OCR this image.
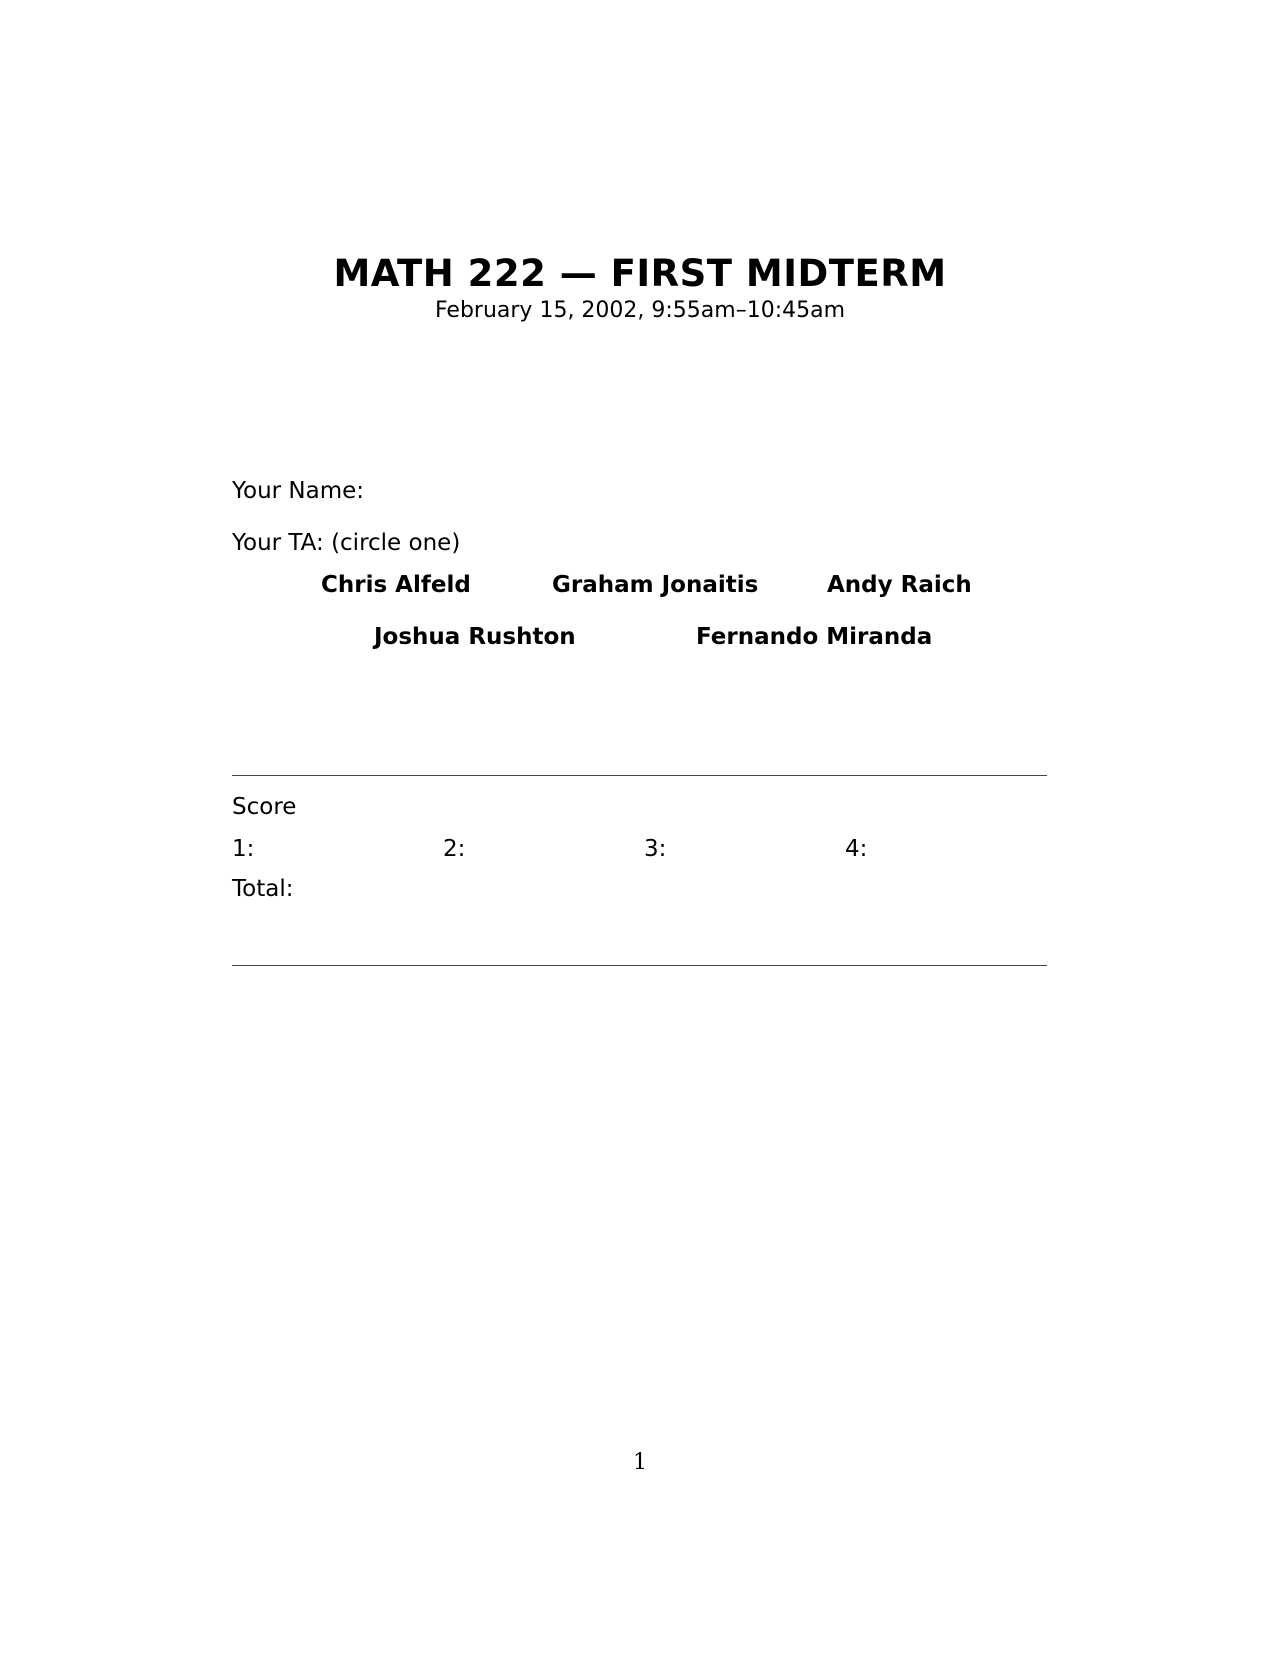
MATH 222 — FIRST MIDTERM
February 15, 2002, 9:55am–10:45am
Your Name:
Your TA: (circle one)
Chris Alfeld	Graham Jonaitis	Andy Raich
Joshua Rushton	Fernando Miranda
Score
1:	2:	3:	4:
Total:
1
